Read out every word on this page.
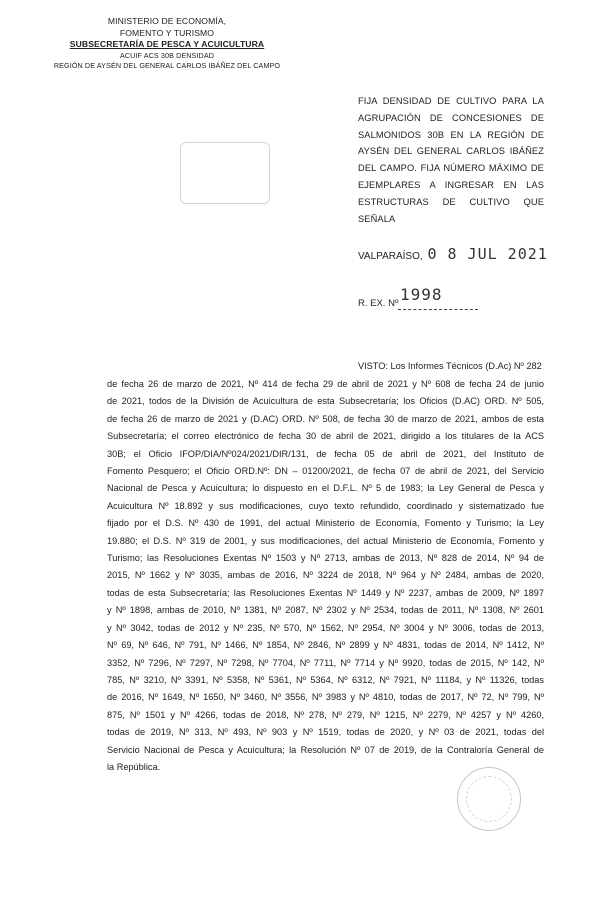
MINISTERIO DE ECONOMÍA,
FOMENTO Y TURISMO
SUBSECRETARÍA DE PESCA Y ACUICULTURA
ACUIF ACS 30B DENSIDAD
REGIÓN DE AYSÉN DEL GENERAL CARLOS IBÁÑEZ DEL CAMPO
FIJA DENSIDAD DE CULTIVO PARA LA AGRUPACIÓN DE CONCESIONES DE SALMONIDOS 30B EN LA REGIÓN DE AYSÉN DEL GENERAL CARLOS IBÁÑEZ DEL CAMPO. FIJA NÚMERO MÁXIMO DE EJEMPLARES A INGRESAR EN LAS ESTRUCTURAS DE CULTIVO QUE SEÑALA
VALPARAÍSO, 0 8 JUL 2021
R. EX. Nº 1998
VISTO: Los Informes Técnicos (D.Ac) Nº 282

de fecha 26 de marzo de 2021, Nº 414 de fecha 29 de abril de 2021 y Nº 608 de fecha 24 de junio

de 2021, todos de la División de Acuicultura de esta Subsecretaría; los Oficios (D.AC) ORD. Nº 505,

de fecha 26 de marzo de 2021 y (D.AC) ORD. Nº 508, de fecha 30 de marzo de 2021, ambos de esta

Subsecretaría; el correo electrónico de fecha 30 de abril de 2021, dirigido a los titulares de la ACS

30B; el Oficio IFOP/DIA/Nº024/2021/DIR/131, de fecha 05 de abril de 2021, del Instituto de

Fomento Pesquero; el Oficio ORD.Nº: DN – 01200/2021, de fecha 07 de abril de 2021, del Servicio

Nacional de Pesca y Acuicultura; lo dispuesto en el D.F.L. Nº 5 de 1983; la Ley General de Pesca y

Acuicultura Nº 18.892 y sus modificaciones, cuyo texto refundido, coordinado y sistematizado fue

fijado por el D.S. Nº 430 de 1991, del actual Ministerio de Economía, Fomento y Turismo; la Ley

19.880; el D.S. Nº 319 de 2001, y sus modificaciones, del actual Ministerio de Economía, Fomento y

Turismo; las Resoluciones Exentas Nº 1503 y Nº 2713, ambas de 2013, Nº 828 de 2014, Nº 94 de

2015, Nº 1662 y Nº 3035, ambas de 2016, Nº 3224 de 2018, Nº 964 y Nº 2484, ambas de 2020,

todas de esta Subsecretaría; las Resoluciones Exentas Nº 1449 y Nº 2237, ambas de 2009, Nº 1897

y Nº 1898, ambas de 2010, Nº 1381, Nº 2087, Nº 2302 y Nº 2534, todas de 2011, Nº 1308, Nº 2601

y Nº 3042, todas de 2012 y Nº 235, Nº 570, Nº 1562, Nº 2954, Nº 3004 y Nº 3006, todas de 2013,

Nº 69, Nº 646, Nº 791, Nº 1466, Nº 1854, Nº 2846, Nº 2899 y Nº 4831, todas de 2014, Nº 1412, Nº

3352, Nº 7296, Nº 7297, Nº 7298, Nº 7704, Nº 7711, Nº 7714 y Nº 9920, todas de 2015, Nº 142, Nº

785, Nº 3210, Nº 3391, Nº 5358, Nº 5361, Nº 5364, Nº 6312, Nº 7921, Nº 11184, y Nº 11326, todas

de 2016, Nº 1649, Nº 1650, Nº 3460, Nº 3556, Nº 3983 y Nº 4810, todas de 2017, Nº 72, Nº 799, Nº

875, Nº 1501 y Nº 4266, todas de 2018, Nº 278, Nº 279, Nº 1215, Nº 2279, Nº 4257 y Nº 4260,

todas de 2019, Nº 313, Nº 493, Nº 903 y Nº 1519, todas de 2020, y Nº 03 de 2021, todas del

Servicio Nacional de Pesca y Acuicultura; la Resolución Nº 07 de 2019, de la Contraloría General de

la República.
